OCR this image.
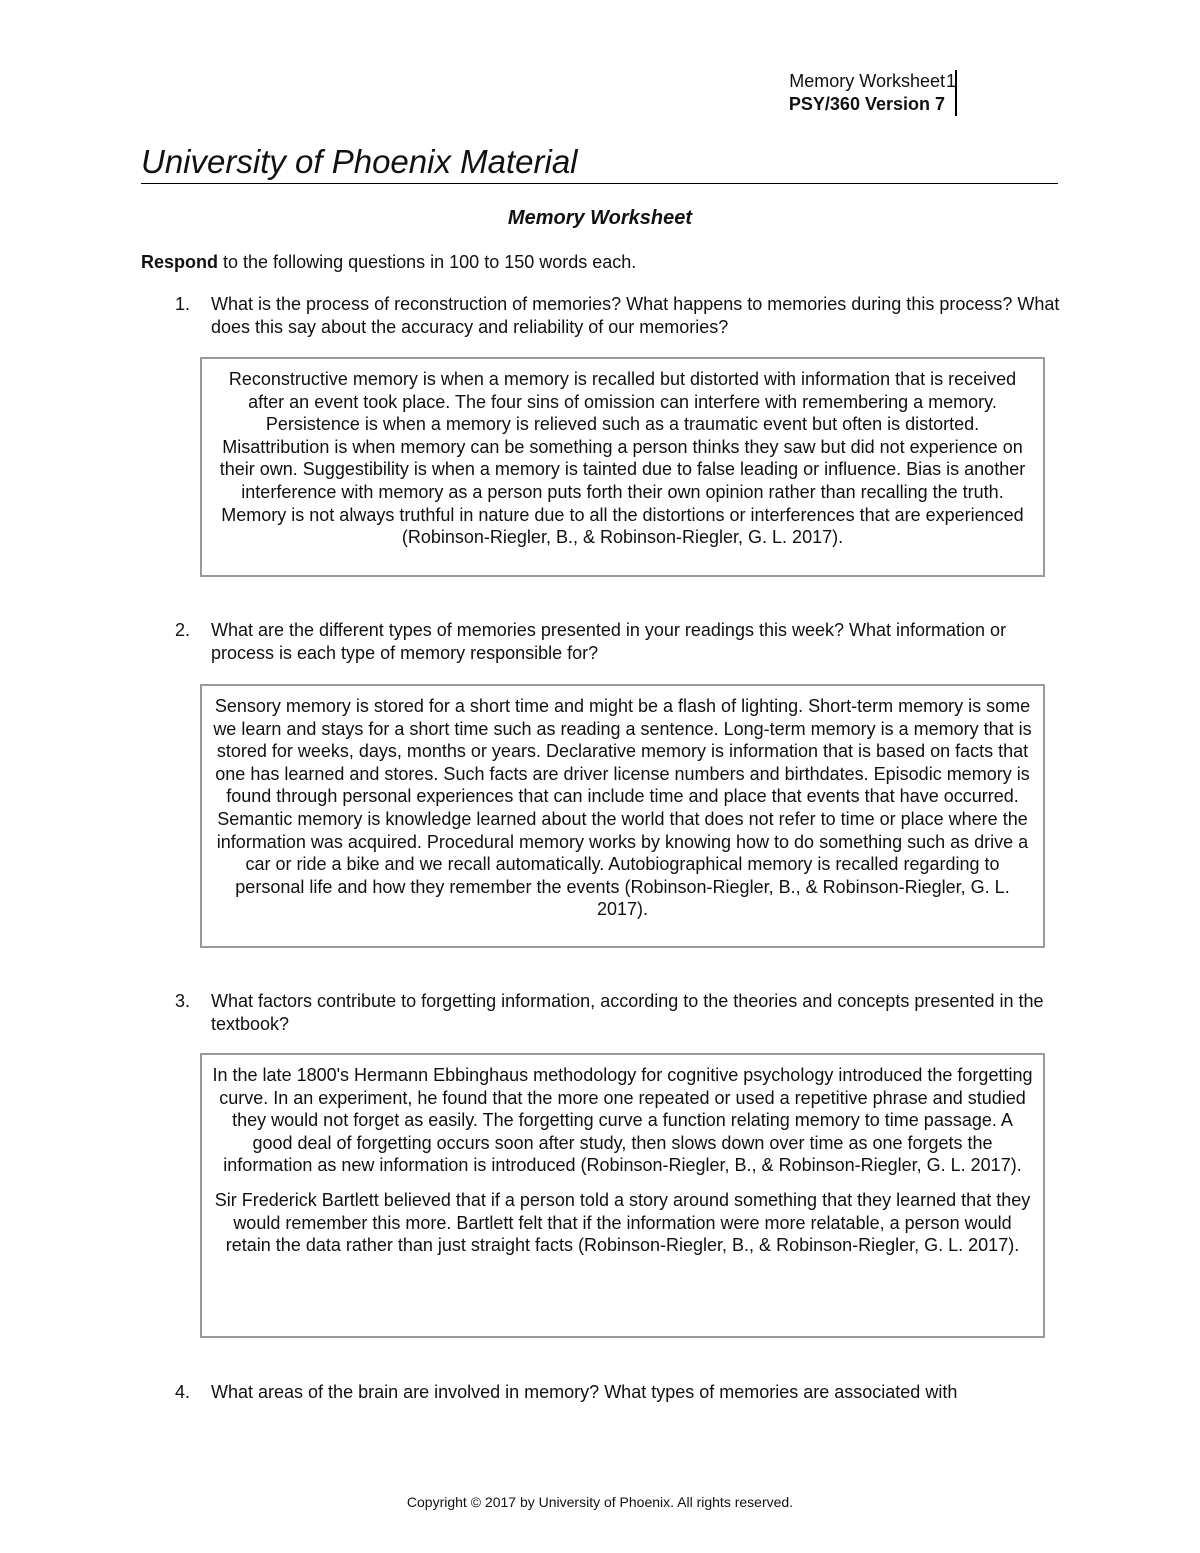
Memory Worksheet
PSY/360 Version 7
1
University of Phoenix Material
Memory Worksheet
Respond to the following questions in 100 to 150 words each.
1.	What is the process of reconstruction of memories? What happens to memories during this process? What does this say about the accuracy and reliability of our memories?

Reconstructive memory is when a memory is recalled but distorted with information that is received after an event took place. The four sins of omission can interfere with remembering a memory. Persistence is when a memory is relieved such as a traumatic event but often is distorted. Misattribution is when memory can be something a person thinks they saw but did not experience on their own. Suggestibility is when a memory is tainted due to false leading or influence. Bias is another interference with memory as a person puts forth their own opinion rather than recalling the truth. Memory is not always truthful in nature due to all the distortions or interferences that are experienced (Robinson-Riegler, B., & Robinson-Riegler, G. L. 2017).

2.	What are the different types of memories presented in your readings this week? What information or process is each type of memory responsible for?

Sensory memory is stored for a short time and might be a flash of lighting. Short-term memory is some we learn and stays for a short time such as reading a sentence. Long-term memory is a memory that is stored for weeks, days, months or years. Declarative memory is information that is based on facts that one has learned and stores. Such facts are driver license numbers and birthdates. Episodic memory is found through personal experiences that can include time and place that events that have occurred. Semantic memory is knowledge learned about the world that does not refer to time or place where the information was acquired. Procedural memory works by knowing how to do something such as drive a car or ride a bike and we recall automatically. Autobiographical memory is recalled regarding to personal life and how they remember the events (Robinson-Riegler, B., & Robinson-Riegler, G. L. 2017).

3.	What factors contribute to forgetting information, according to the theories and concepts presented in the textbook?

In the late 1800's Hermann Ebbinghaus methodology for cognitive psychology introduced the forgetting curve. In an experiment, he found that the more one repeated or used a repetitive phrase and studied they would not forget as easily. The forgetting curve a function relating memory to time passage. A good deal of forgetting occurs soon after study, then slows down over time as one forgets the information as new information is introduced (Robinson-Riegler, B., & Robinson-Riegler, G. L. 2017).

Sir Frederick Bartlett believed that if a person told a story around something that they learned that they would remember this more. Bartlett felt that if the information were more relatable, a person would retain the data rather than just straight facts (Robinson-Riegler, B., & Robinson-Riegler, G. L. 2017).

4.	What areas of the brain are involved in memory? What types of memories are associated with
Copyright © 2017 by University of Phoenix. All rights reserved.
